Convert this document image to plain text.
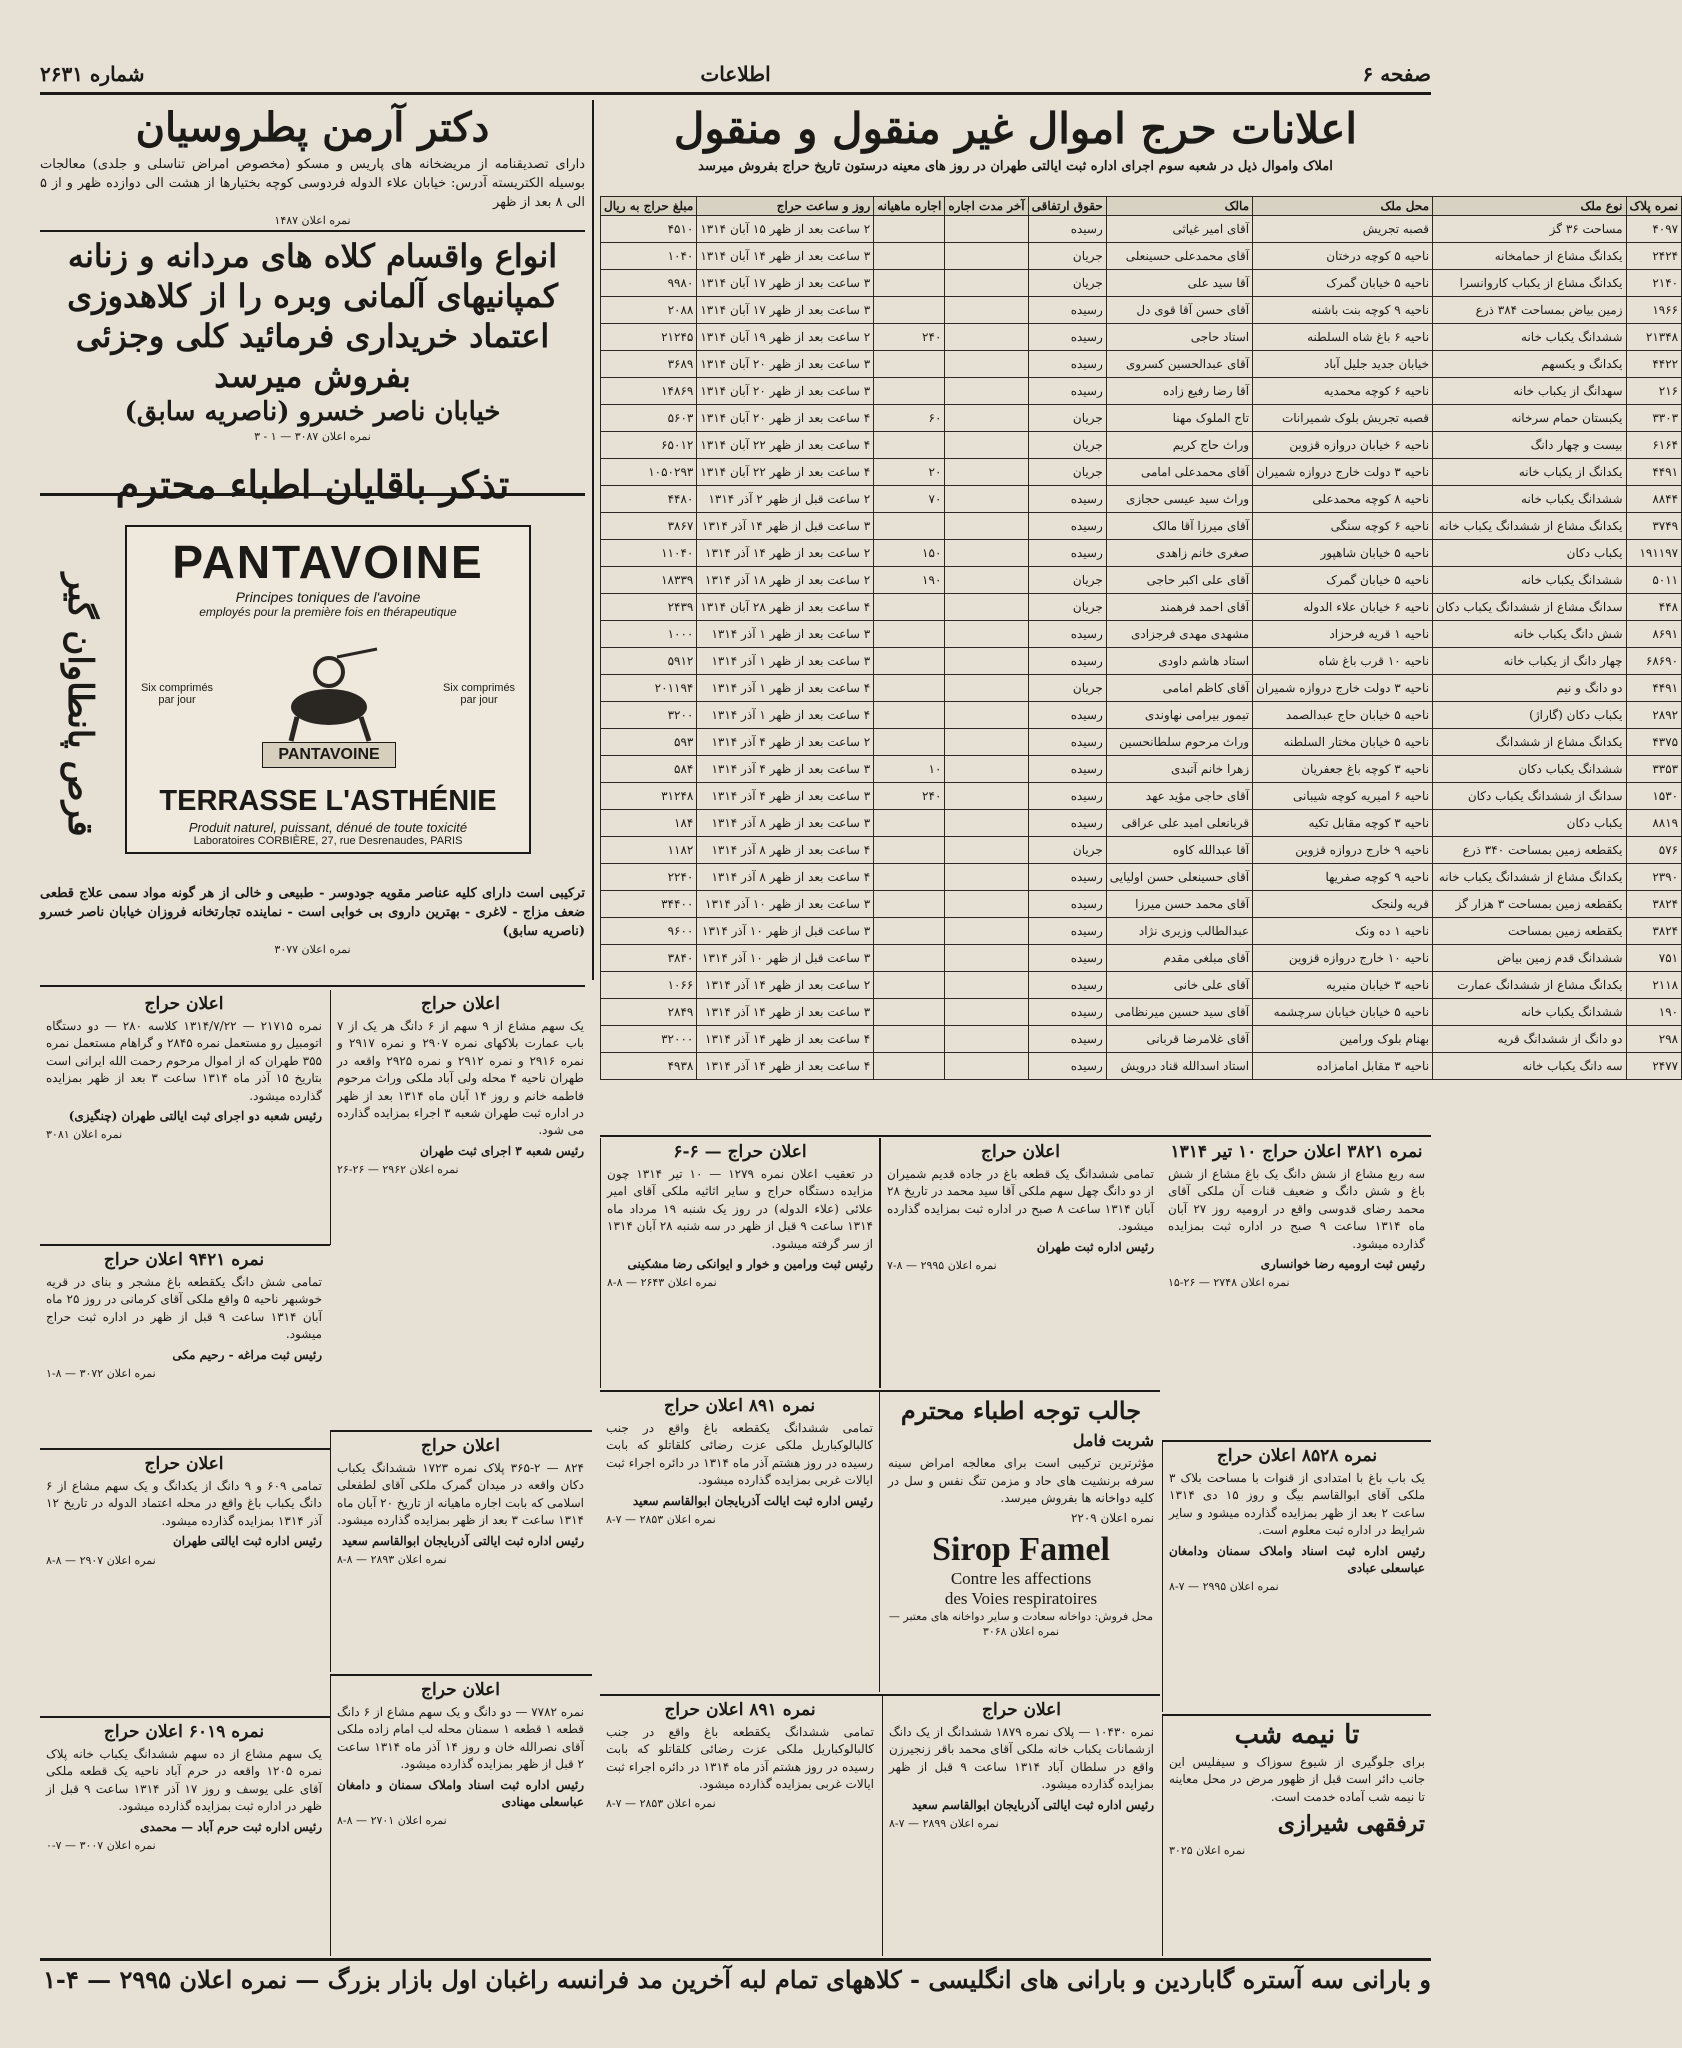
صفحه ۶
اطلاعات
شماره ۲۶۳۱
اعلانات حرج اموال غیر منقول و منقول
املاک واموال ذیل در شعبه سوم اجرای اداره ثبت ایالتی طهران در روز های معینه درستون تاریخ حراج بفروش میرسد
نمره پلاک	نوع ملک	محل ملک	مالک	حقوق ارتفاقی	آخر مدت اجاره	اجاره ماهیانه	روز و ساعت حراج	مبلغ حراج به ریال
۴۰۹۷	مساحت ۳۶ گز	قصبه تجریش	آقای امیر غیاثی	رسیده			۲ ساعت بعد از ظهر ۱۵ آبان ۱۳۱۴	۴۵۱۰
۲۴۲۴	یکدانگ مشاع از حمامخانه	ناحیه ۵ کوچه درختان	آقای محمدعلی حسینعلی	جریان			۳ ساعت بعد از ظهر ۱۴ آبان ۱۳۱۴	۱۰۴۰
۲۱۴۰	یکدانگ مشاع از یکباب کاروانسرا	ناحیه ۵ خیابان گمرک	آقا سید علی	جریان			۳ ساعت بعد از ظهر ۱۷ آبان ۱۳۱۴	۹۹۸۰
۱۹۶۶	زمین بیاض بمساحت ۳۸۴ ذرع	ناحیه ۹ کوچه بنت باشنه	آقای حسن آقا قوی دل	رسیده			۳ ساعت بعد از ظهر ۱۷ آبان ۱۳۱۴	۲۰۸۸
۲۱۳۴۸	ششدانگ یکباب خانه	ناحیه ۶ باغ شاه السلطنه	استاد حاجی	رسیده		۲۴۰	۲ ساعت بعد از ظهر ۱۹ آبان ۱۳۱۴	۲۱۲۴۵
۴۴۲۲	یکدانگ و یکسهم	خیابان جدید جلیل آباد	آقای عبدالحسین کسروی	رسیده			۳ ساعت بعد از ظهر ۲۰ آبان ۱۳۱۴	۳۶۸۹
۲۱۶	سهدانگ از یکباب خانه	ناحیه ۶ کوچه محمدیه	آقا رضا رفیع زاده	رسیده			۳ ساعت بعد از ظهر ۲۰ آبان ۱۳۱۴	۱۴۸۶۹
۳۳۰۳	یکبستان حمام سرخانه	قصبه تجریش بلوک شمیرانات	تاج الملوک مهنا	جریان		۶۰	۴ ساعت بعد از ظهر ۲۰ آبان ۱۳۱۴	۵۶۰۳
۶۱۶۴	بیست و چهار دانگ	ناحیه ۶ خیابان دروازه قزوین	وراث حاج کریم	جریان			۴ ساعت بعد از ظهر ۲۲ آبان ۱۳۱۴	۶۵۰۱۲
۴۴۹۱	یکدانگ از یکباب خانه	ناحیه ۳ دولت خارج دروازه شمیران	آقای محمدعلی امامی	جریان		۲۰	۴ ساعت بعد از ظهر ۲۲ آبان ۱۳۱۴	۱۰۵۰۲۹۳
۸۸۴۴	ششدانگ یکباب خانه	ناحیه ۸ کوچه محمدعلی	وراث سید عیسی حجازی	رسیده		۷۰	۲ ساعت قبل از ظهر ۲ آذر ۱۳۱۴	۴۴۸۰
۳۷۴۹	یکدانگ مشاع از ششدانگ یکباب خانه	ناحیه ۶ کوچه سنگی	آقای میرزا آقا مالک	رسیده			۳ ساعت قبل از ظهر ۱۴ آذر ۱۳۱۴	۳۸۶۷
۱۹۱۱۹۷	یکباب دکان	ناحیه ۵ خیابان شاهپور	صغری خانم زاهدی	رسیده		۱۵۰	۲ ساعت بعد از ظهر ۱۴ آذر ۱۳۱۴	۱۱۰۴۰
۵۰۱۱	ششدانگ یکباب خانه	ناحیه ۵ خیابان گمرک	آقای علی اکبر حاجی	جریان		۱۹۰	۲ ساعت بعد از ظهر ۱۸ آذر ۱۳۱۴	۱۸۳۳۹
۴۴۸	سدانگ مشاع از ششدانگ یکباب دکان	ناحیه ۶ خیابان علاء الدوله	آقای احمد فرهمند	جریان			۴ ساعت بعد از ظهر ۲۸ آبان ۱۳۱۴	۲۴۳۹
۸۶۹۱	شش دانگ یکباب خانه	ناحیه ۱ قریه فرحزاد	مشهدی مهدی فرجزادی	رسیده			۳ ساعت بعد از ظهر ۱ آذر ۱۳۱۴	۱۰۰۰
۶۸۶۹۰	چهار دانگ از یکباب خانه	ناحیه ۱۰ قرب باغ شاه	استاد هاشم داودی	رسیده			۳ ساعت بعد از ظهر ۱ آذر ۱۳۱۴	۵۹۱۲
۴۴۹۱	دو دانگ و نیم	ناحیه ۳ دولت خارج دروازه شمیران	آقای کاظم امامی	جریان			۴ ساعت بعد از ظهر ۱ آذر ۱۳۱۴	۲۰۱۱۹۴
۲۸۹۲	یکباب دکان (گاراژ)	ناحیه ۵ خیابان حاج عبدالصمد	تیمور بیرامی نهاوندی	رسیده			۴ ساعت بعد از ظهر ۱ آذر ۱۳۱۴	۳۲۰۰
۴۳۷۵	یکدانگ مشاع از ششدانگ	ناحیه ۵ خیابان مختار السلطنه	وراث مرحوم سلطانحسین	رسیده			۲ ساعت بعد از ظهر ۴ آذر ۱۳۱۴	۵۹۳
۳۳۵۳	ششدانگ یکباب دکان	ناحیه ۳ کوچه باغ جعفریان	زهرا خانم آتبدی	رسیده		۱۰	۳ ساعت بعد از ظهر ۴ آذر ۱۳۱۴	۵۸۴
۱۵۳۰	سدانگ از ششدانگ یکباب دکان	ناحیه ۶ امیریه کوچه شیبانی	آقای حاجی مؤید عهد	رسیده		۲۴۰	۳ ساعت بعد از ظهر ۴ آذر ۱۳۱۴	۳۱۲۴۸
۸۸۱۹	یکباب دکان	ناحیه ۳ کوچه مقابل تکیه	قربانعلی امید علی عراقی	رسیده			۳ ساعت بعد از ظهر ۸ آذر ۱۳۱۴	۱۸۴
۵۷۶	یکقطعه زمین بمساحت ۳۴۰ ذرع	ناحیه ۹ خارج دروازه قزوین	آقا عبدالله کاوه	جریان			۴ ساعت بعد از ظهر ۸ آذر ۱۳۱۴	۱۱۸۲
۲۳۹۰	یکدانگ مشاع از ششدانگ یکباب خانه	ناحیه ۹ کوچه صفریها	آقای حسینعلی حسن اولیایی	رسیده			۴ ساعت بعد از ظهر ۸ آذر ۱۳۱۴	۲۲۴۰
۳۸۲۴	یکقطعه زمین بمساحت ۳ هزار گز	قریه ولنجک	آقای محمد حسن میرزا	رسیده			۳ ساعت بعد از ظهر ۱۰ آذر ۱۳۱۴	۳۴۴۰۰
۳۸۲۴	یکقطعه زمین بمساحت	ناحیه ۱ ده ونک	عبدالطالب وزیری نژاد	رسیده			۳ ساعت قبل از ظهر ۱۰ آذر ۱۳۱۴	۹۶۰۰
۷۵۱	ششدانگ قدم زمین بیاض	ناحیه ۱۰ خارج دروازه قزوین	آقای مبلغی مقدم	رسیده			۳ ساعت قبل از ظهر ۱۰ آذر ۱۳۱۴	۳۸۴۰
۲۱۱۸	یکدانگ مشاع از ششدانگ عمارت	ناحیه ۳ خیابان منیریه	آقای علی خانی	رسیده			۲ ساعت بعد از ظهر ۱۴ آذر ۱۳۱۴	۱۰۶۶
۱۹۰	ششدانگ یکباب خانه	ناحیه ۵ خیابان خیابان سرچشمه	آقای سید حسین میرنظامی	رسیده			۳ ساعت بعد از ظهر ۱۴ آذر ۱۳۱۴	۲۸۴۹
۲۹۸	دو دانگ از ششدانگ قریه	بهنام بلوک ورامین	آقای غلامرضا قربانی	رسیده			۴ ساعت بعد از ظهر ۱۴ آذر ۱۳۱۴	۳۲۰۰۰
۲۴۷۷	سه دانگ یکباب خانه	ناحیه ۳ مقابل امامزاده	استاد اسدالله قناد درویش	رسیده			۴ ساعت بعد از ظهر ۱۴ آذر ۱۳۱۴	۴۹۳۸
دکتر آرمن پطروسیان
دارای تصدیقنامه از مریضخانه های پاریس و مسکو (مخصوص امراض تناسلی و جلدی) معالجات بوسیله الکتریسته آدرس: خیابان علاء الدوله فردوسی کوچه بختیارها از هشت الی دوازده ظهر و از ۵ الی ۸ بعد از ظهر
نمره اعلان ۱۴۸۷
انواع واقسام کلاه های مردانه و زنانه کمپانیهای آلمانی وبره را از کلاهدوزی اعتماد خریداری فرمائید کلی وجزئی بفروش میرسد
خیابان ناصر خسرو (ناصریه سابق)
نمره اعلان ۳۰۸۷ — ۱ - ۳
تذکر باقایان اطباء محترم
قرص پانطاوان گیر
PANTAVOINE
Principes toniques de l'avoine
employés pour la première fois en thérapeutique
Six comprimés par jour
Six comprimés par jour
PANTAVOINE
TERRASSE L'ASTHÉNIE
Produit naturel, puissant, dénué de toute toxicité
Laboratoires CORBIÈRE, 27, rue Desrenaudes, PARIS
ترکیبی است دارای کلیه عناصر مقویه جودوسر - طبیعی و خالی از هر گونه مواد سمی علاج قطعی ضعف مزاج - لاغری - بهترین داروی بی خوابی است - نماینده تجارتخانه فروزان خیابان ناصر خسرو (ناصریه سابق)
نمره اعلان ۳۰۷۷
اعلان حراج

یک سهم مشاع از ۹ سهم از ۶ دانگ هر یک از ۷ باب عمارت بلاکهای نمره ۲۹۰۷ و نمره ۲۹۱۷ و نمره ۲۹۱۶ و نمره ۲۹۱۲ و نمره ۲۹۲۵ واقعه در طهران ناحیه ۴ محله ولی آباد ملکی وراث مرحوم فاطمه خانم و روز ۱۴ آبان ماه ۱۳۱۴ بعد از ظهر در اداره ثبت طهران شعبه ۳ اجراء بمزایده گذارده می شود.

رئیس شعبه ۳ اجرای ثبت طهران

نمره اعلان ۲۹۶۲ — ۲۶-۲۶
اعلان حراج

نمره ۲۱۷۱۵ — ۱۳۱۴/۷/۲۲ کلاسه ۲۸۰ — دو دستگاه اتومبیل رو مستعمل نمره ۲۸۴۵ و گراهام مستعمل نمره ۳۵۵ طهران که از اموال مرحوم رحمت الله ایرانی است بتاریخ ۱۵ آذر ماه ۱۳۱۴ ساعت ۳ بعد از ظهر بمزایده گذارده میشود.

رئیس شعبه دو اجرای ثبت ایالتی طهران (چنگیزی)

نمره اعلان ۳۰۸۱
نمره ۹۴۲۱ اعلان حراج

تمامی شش دانگ یکقطعه باغ مشجر و بنای در قریه خوشبهر ناحیه ۵ واقع ملکی آقای کرمانی در روز ۲۵ ماه آبان ۱۳۱۴ ساعت ۹ قبل از ظهر در اداره ثبت حراج میشود.

رئیس ثبت مراغه - رحیم مکی

نمره اعلان ۳۰۷۲ — ۸-۱
اعلان حراج

۸۲۴ — ۳۶۵-۲ پلاک نمره ۱۷۲۳ ششدانگ یکباب دکان واقعه در میدان گمرک ملکی آقای لطفعلی اسلامی که بابت اجاره ماهیانه از تاریخ ۲۰ آبان ماه ۱۳۱۴ ساعت ۳ بعد از ظهر بمزایده گذارده میشود.

رئیس اداره ثبت ایالتی آذربایجان ابوالقاسم سعید

نمره اعلان ۲۸۹۳ — ۸-۸
اعلان حراج

تمامی ۶۰۹ و ۹ دانگ از یکدانگ و یک سهم مشاع از ۶ دانگ یکباب باغ واقع در محله اعتماد الدوله در تاریخ ۱۲ آذر ۱۳۱۴ بمزایده گذارده میشود.

رئیس اداره ثبت ایالتی طهران

نمره اعلان ۲۹۰۷ — ۸-۸
نمره ۶۰۱۹ اعلان حراج

یک سهم مشاع از ده سهم ششدانگ یکباب خانه پلاک نمره ۱۲۰۵ واقعه در حرم آباد ناحیه یک قطعه ملکی آقای علی یوسف و روز ۱۷ آذر ۱۳۱۴ ساعت ۹ قبل از ظهر در اداره ثبت بمزایده گذارده میشود.

رئیس اداره ثبت حرم آباد — محمدی

نمره اعلان ۳۰۰۷ — ۷-۰
اعلان حراج

نمره ۷۷۸۲ — دو دانگ و یک سهم مشاع از ۶ دانگ قطعه ۱ قطعه ۱ سمنان محله لب امام زاده ملکی آقای نصرالله خان و روز ۱۴ آذر ماه ۱۳۱۴ ساعت ۲ قبل از ظهر بمزایده گذارده میشود.

رئیس اداره ثبت اسناد واملاک سمنان و دامغان عباسعلی مهنادی

نمره اعلان ۲۷۰۱ — ۸-۸
اعلان حراج — ۶-۶

در تعقیب اعلان نمره ۱۲۷۹ — ۱۰ تیر ۱۳۱۴ چون مزایده دستگاه حراج و سایر اثاثیه ملکی آقای امیر علائی (علاء الدوله) در روز یک شنبه ۱۹ مرداد ماه ۱۳۱۴ ساعت ۹ قبل از ظهر در سه شنبه ۲۸ آبان ۱۳۱۴ از سر گرفته میشود.

رئیس ثبت ورامین و خوار و ایوانکی رضا مشکینی

نمره اعلان ۲۶۴۳ — ۸-۸
اعلان حراج

تمامی ششدانگ یک قطعه باغ در جاده قدیم شمیران از دو دانگ چهل سهم ملکی آقا سید محمد در تاریخ ۲۸ آبان ۱۳۱۴ ساعت ۸ صبح در اداره ثبت بمزایده گذارده میشود.

رئیس اداره ثبت طهران

نمره اعلان ۲۹۹۵ — ۸-۷
نمره ۳۸۲۱ اعلان حراج ۱۰ تیر ۱۳۱۴

سه ربع مشاع از شش دانگ یک باغ مشاع از شش باغ و شش دانگ و ضعیف قنات آن ملکی آقای محمد رضای قدوسی واقع در ارومیه روز ۲۷ آبان ماه ۱۳۱۴ ساعت ۹ صبح در اداره ثبت بمزایده گذارده میشود.

رئیس ثبت ارومیه رضا خوانساری

نمره اعلان ۲۷۴۸ — ۲۶-۱۵
نمره ۸۹۱ اعلان حراج

تمامی ششدانگ یکقطعه باغ واقع در جنب کالبالوکباریل ملکی عزت رضائی کلقاتلو که بابت رسیده در روز هشتم آذر ماه ۱۳۱۴ در دائره اجراء ثبت ایالات غربی بمزایده گذارده میشود.

رئیس اداره ثبت ایالت آذربایجان ابوالقاسم سعید

نمره اعلان ۲۸۵۳ — ۷-۸
جالب توجه اطباء محترم

شربت فامل

مؤثرترین ترکیبی است برای معالجه امراض سینه سرفه برنشیت های حاد و مزمن تنگ نفس و سل در کلیه دواخانه ها بفروش میرسد.

نمره اعلان ۲۲۰۹

Sirop Famel
Contre les affections
des Voies respiratoires
محل فروش: دواخانه سعادت و سایر دواخانه های معتبر — نمره اعلان ۳۰۶۸
نمره ۸۵۲۸ اعلان حراج

یک باب باغ با امتدادی از قنوات با مساحت بلاک ۳ ملکی آقای ابوالقاسم بیگ و روز ۱۵ دی ۱۳۱۴ ساعت ۲ بعد از ظهر بمزایده گذارده میشود و سایر شرایط در اداره ثبت معلوم است.

رئیس اداره ثبت اسناد واملاک سمنان ودامغان عباسعلی عبادی

نمره اعلان ۲۹۹۵ — ۷-۸
اعلان حراج

نمره ۱۰۴۳۰ — پلاک نمره ۱۸۷۹ ششدانگ از یک دانگ ازشمانات یکباب خانه ملکی آقای محمد باقر زنجیرزن واقع در سلطان آباد ۱۳۱۴ ساعت ۹ قبل از ظهر بمزایده گذارده میشود.

رئیس اداره ثبت ایالتی آذربایجان ابوالقاسم سعید

نمره اعلان ۲۸۹۹ — ۷-۸
نمره ۸۹۱ اعلان حراج

تمامی ششدانگ یکقطعه باغ واقع در جنب کالبالوکباریل ملکی عزت رضائی کلقاتلو که بابت رسیده در روز هشتم آذر ماه ۱۳۱۴ در دائره اجراء ثبت ایالات غربی بمزایده گذارده میشود.

نمره اعلان ۲۸۵۳ — ۷-۸
تا نیمه شب

برای جلوگیری از شیوع سوزاک و سیفلیس این جانب دائر است قبل از ظهور مرض در محل معاینه تا نیمه شب آماده خدمت است.

ترفقهی شیرازی

نمره اعلان ۳۰۲۵
و بارانی سه آستره گاباردین و بارانی های انگلیسی - کلاههای تمام لبه آخرین مد فرانسه راغبان اول بازار بزرگ — نمره اعلان ۲۹۹۵ — ۴-۱
